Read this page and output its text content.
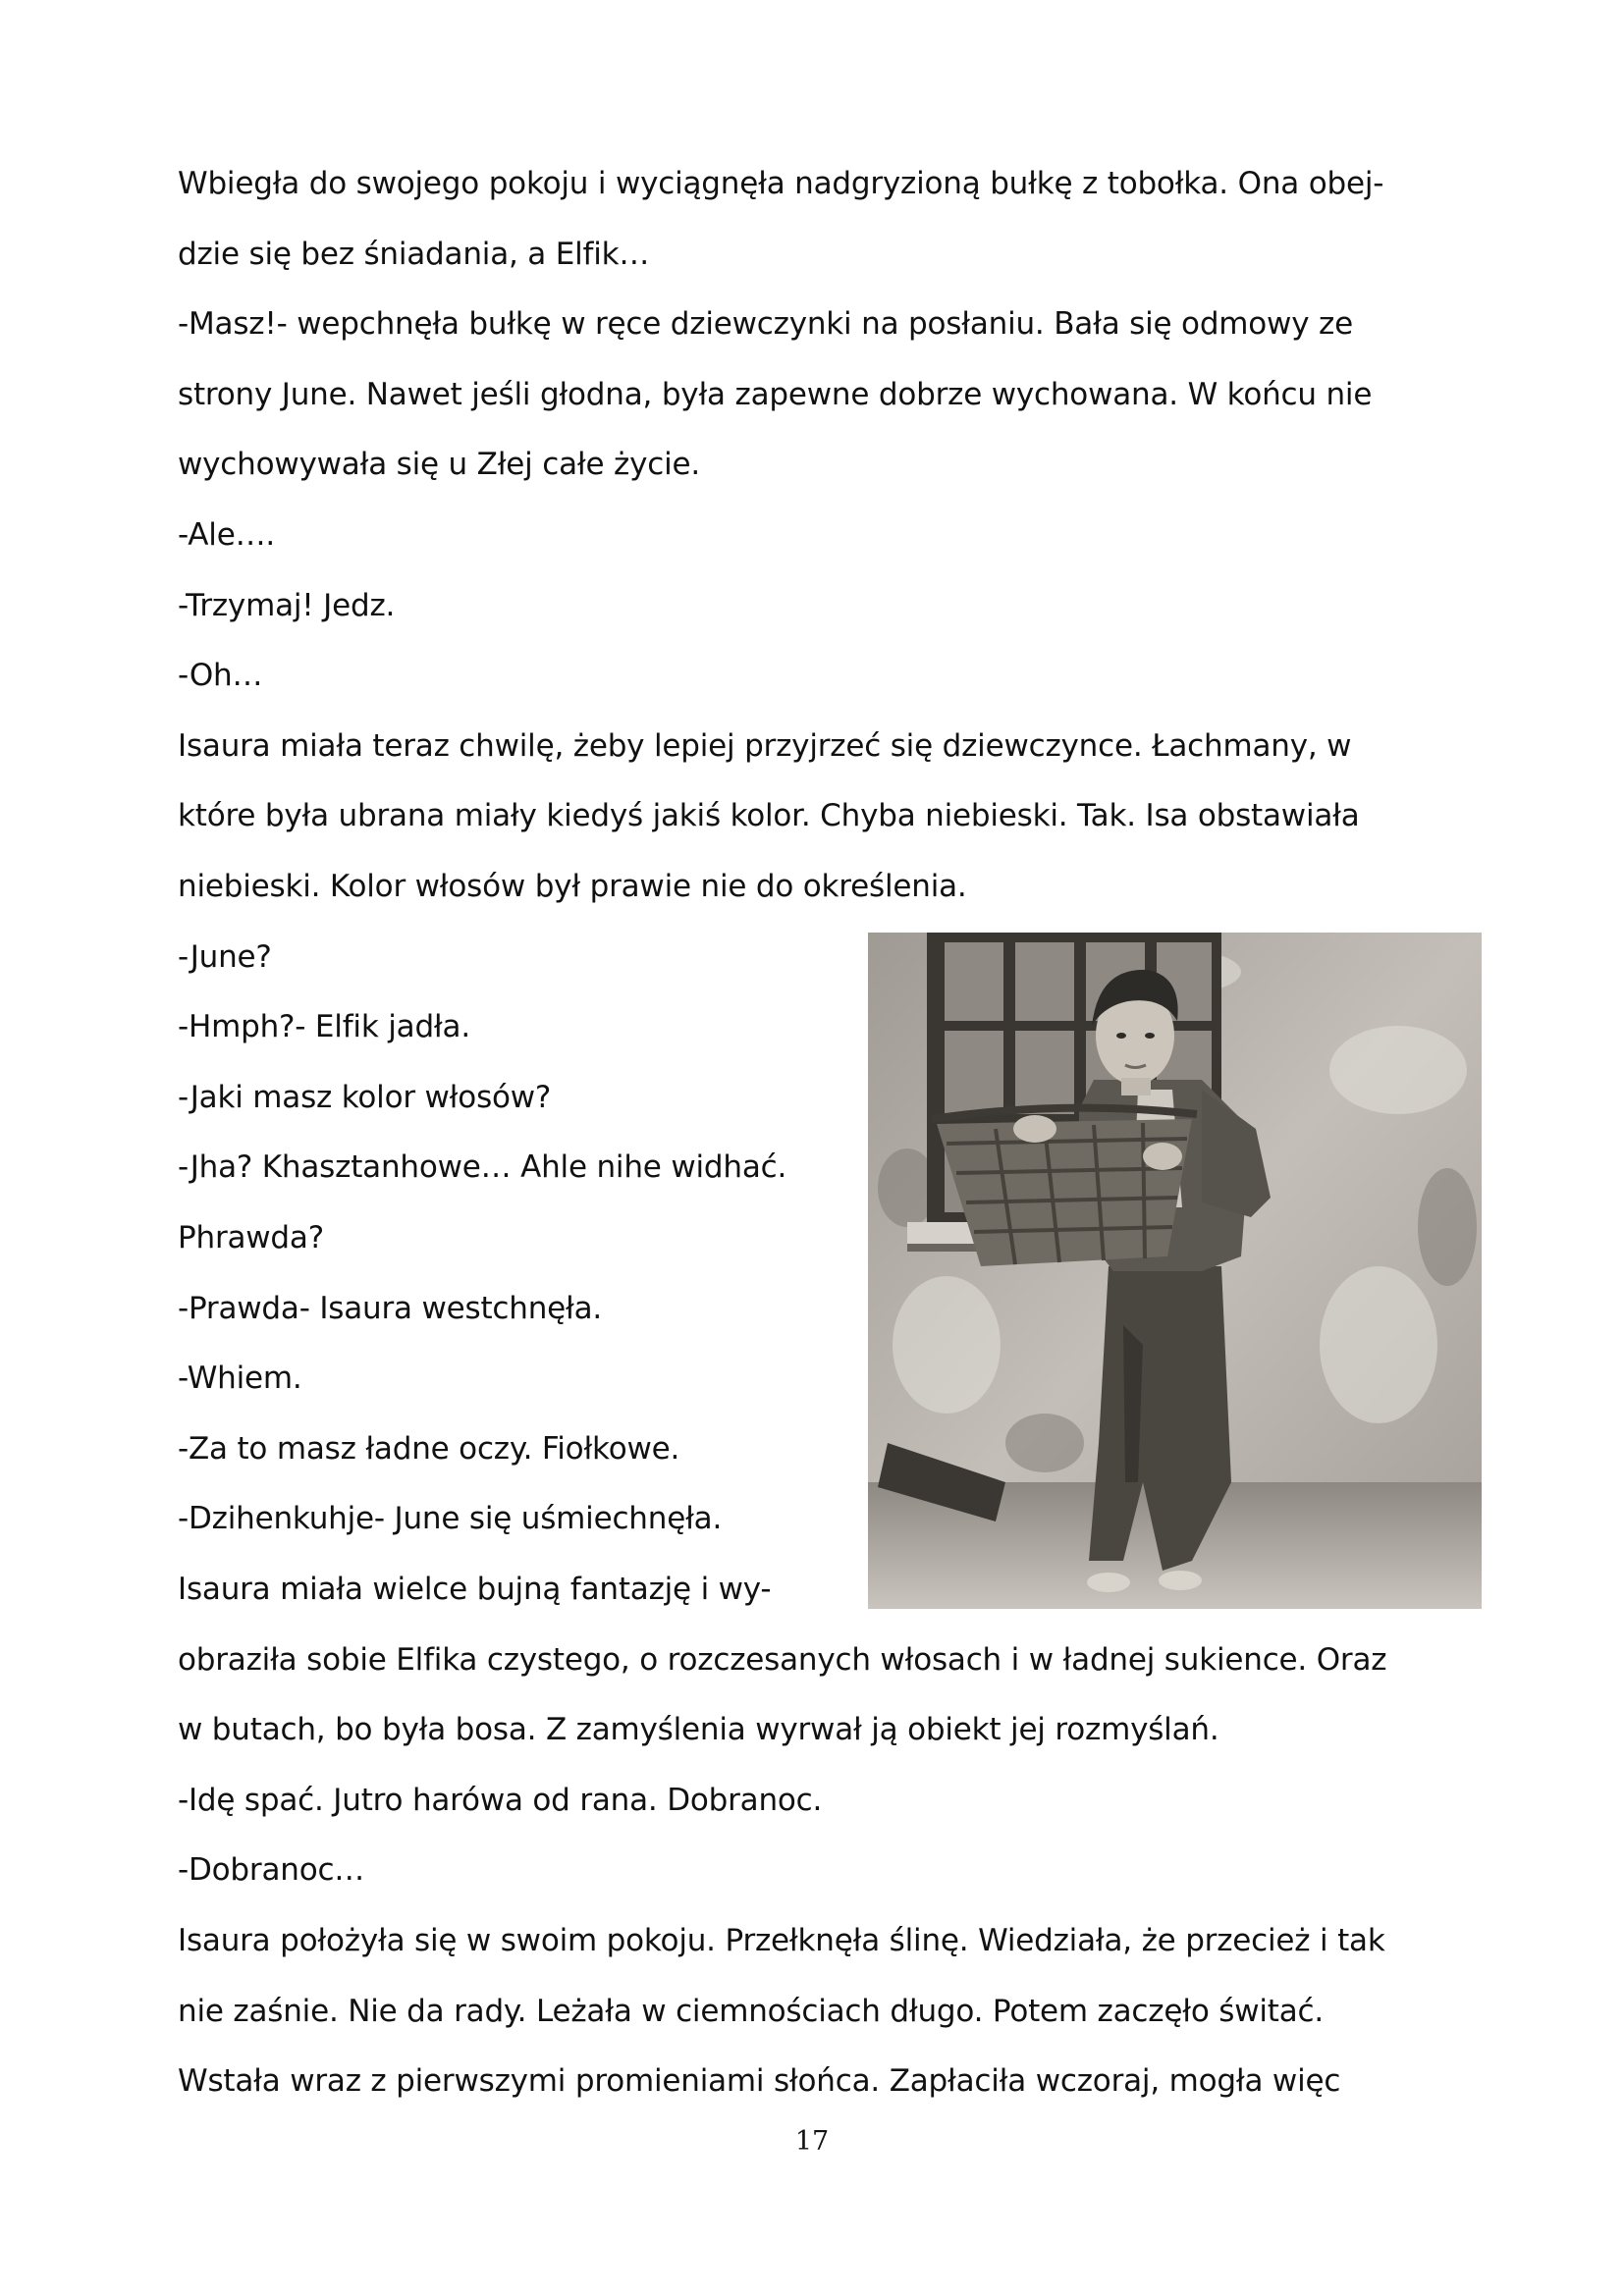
Wbiegła do swojego pokoju i wyciągnęła nadgryzioną bułkę z tobołka. Ona obej-
dzie się bez śniadania, a Elfik…
-Masz!- wepchnęła bułkę w ręce dziewczynki na posłaniu. Bała się odmowy ze
strony June. Nawet jeśli głodna, była zapewne dobrze wychowana. W końcu nie
wychowywała się u Złej całe życie.
-Ale….
-Trzymaj! Jedz.
-Oh…
Isaura miała teraz chwilę, żeby lepiej przyjrzeć się dziewczynce. Łachmany, w
które była ubrana miały kiedyś jakiś kolor. Chyba niebieski. Tak. Isa obstawiała
niebieski. Kolor włosów był prawie nie do określenia.
-June?
-Hmph?- Elfik jadła.
-Jaki masz kolor włosów?
-Jha? Khasztanhowe… Ahle nihe widhać.
Phrawda?
-Prawda- Isaura westchnęła.
-Whiem.
-Za to masz ładne oczy. Fiołkowe.
-Dzihenkuhje- June się uśmiechnęła.
Isaura miała wielce bujną fantazję i wy-
obraziła sobie Elfika czystego, o rozczesanych włosach i w ładnej sukience. Oraz
w butach, bo była bosa. Z zamyślenia wyrwał ją obiekt jej rozmyślań.
-Idę spać. Jutro harówa od rana. Dobranoc.
-Dobranoc…
Isaura położyła się w swoim pokoju. Przełknęła ślinę. Wiedziała, że przecież i tak
nie zaśnie. Nie da rady. Leżała w ciemnościach długo. Potem zaczęło świtać.
Wstała wraz z pierwszymi promieniami słońca. Zapłaciła wczoraj, mogła więc
17
